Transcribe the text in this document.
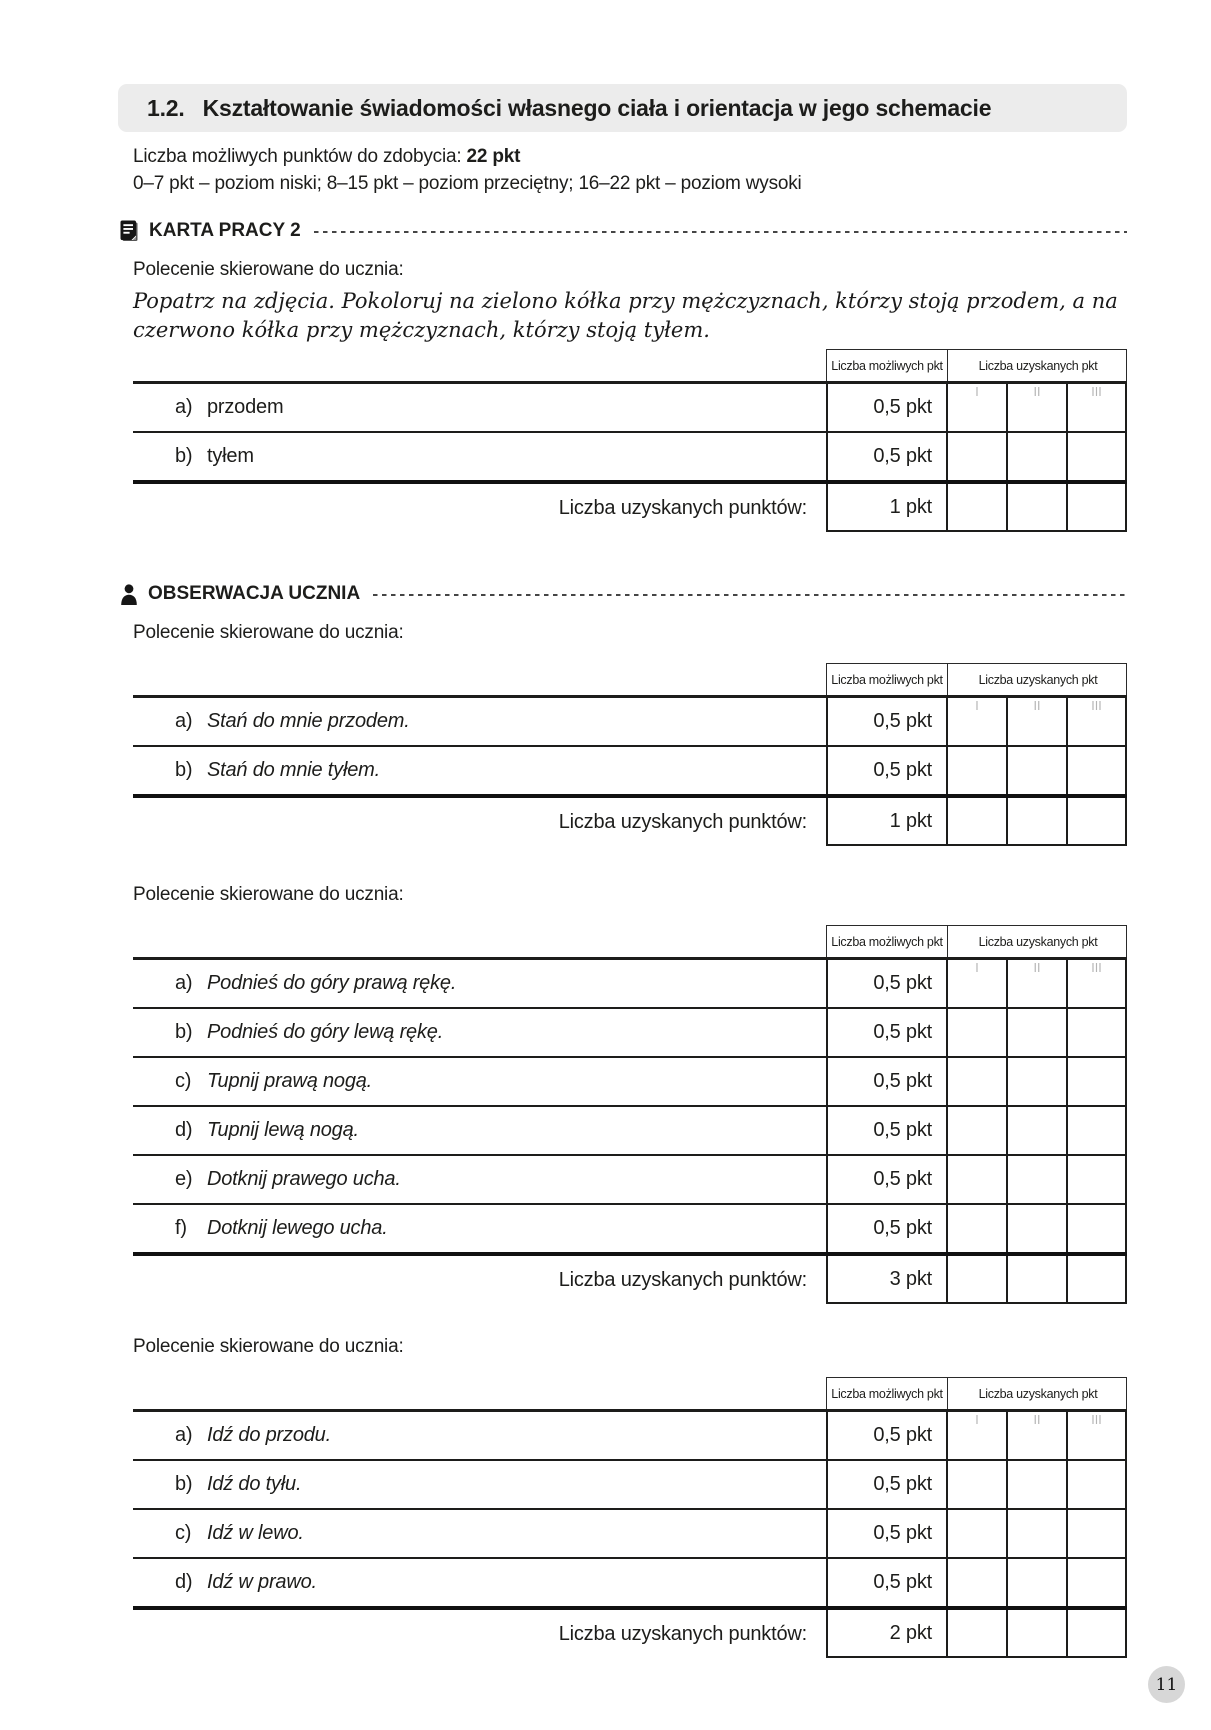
1.2. Kształtowanie świadomości własnego ciała i orientacja w jego schemacie
Liczba możliwych punktów do zdobycia: 22 pkt
0–7 pkt – poziom niski; 8–15 pkt – poziom przeciętny; 16–22 pkt – poziom wysoki
KARTA PRACY 2
Polecenie skierowane do ucznia:
Popatrz na zdjęcia. Pokoloruj na zielono kółka przy mężczyznach, którzy stoją przodem, a na czerwono kółka przy mężczyznach, którzy stoją tyłem.
Liczba możliwych pkt	Liczba uzyskanych pkt
a) przodem	0,5 pkt
I	II	III
b) tyłem	0,5 pkt
Liczba uzyskanych punktów:	1 pkt
OBSERWACJA UCZNIA
Polecenie skierowane do ucznia:
Liczba możliwych pkt	Liczba uzyskanych pkt
a) Stań do mnie przodem.	0,5 pkt
I	II	III
b) Stań do mnie tyłem.	0,5 pkt
Liczba uzyskanych punktów:	1 pkt
Polecenie skierowane do ucznia:
Liczba możliwych pkt	Liczba uzyskanych pkt
a) Podnieś do góry prawą rękę.	0,5 pkt
I	II	III
b) Podnieś do góry lewą rękę.	0,5 pkt
c) Tupnij prawą nogą.	0,5 pkt
d) Tupnij lewą nogą.	0,5 pkt
e) Dotknij prawego ucha.	0,5 pkt
f)	Dotknij lewego ucha.	0,5 pkt
Liczba uzyskanych punktów:	3 pkt
Polecenie skierowane do ucznia:
Liczba możliwych pkt	Liczba uzyskanych pkt
a) Idź do przodu.	0,5 pkt
I	II	III
b) Idź do tyłu.	0,5 pkt
c) Idź w lewo.	0,5 pkt
d) Idź w prawo.	0,5 pkt
Liczba uzyskanych punktów:	2 pkt
11
